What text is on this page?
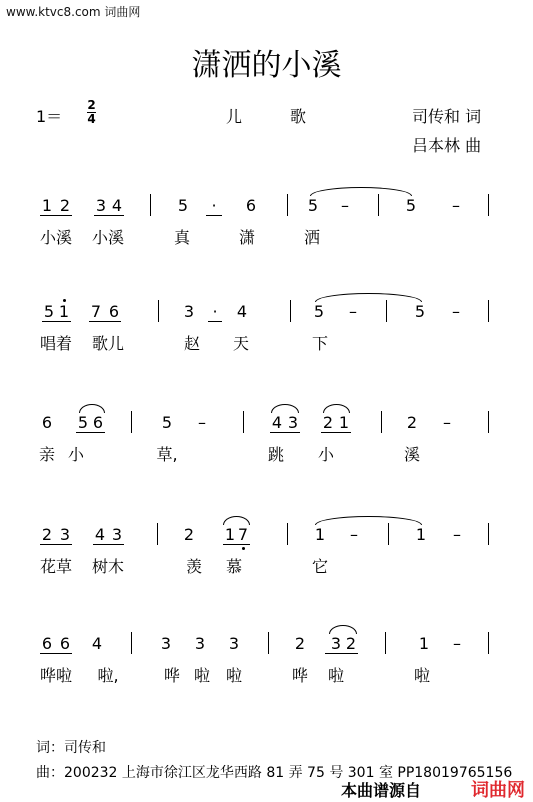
www.ktvc8.com 词曲网
潇洒的小溪
1＝
2
4	儿歌	司传和 词
吕本林 曲
1 2 3 4	5 · 6	5 –	5 –
小溪 小溪	真	潇	洒
5 1 7 6	3 · 4	5 –	5 –
唱着 歌儿	赵 天	下
6 5 6	5 –	4 3 2 1	2 –
亲 小	草,	跳 小	溪
2 3 4 3	2 1 7	1 –	1 –
花草 树木	羡 慕	它
6 6 4	3 3 3	2 3 2	1 –
哗啦 啦,	哗 啦 啦	哗 啦	啦
词：司传和
曲：200232 上海市徐江区龙华西路 81 弄 75 号 301 室 PP18019765156
本曲谱源自	词曲网
